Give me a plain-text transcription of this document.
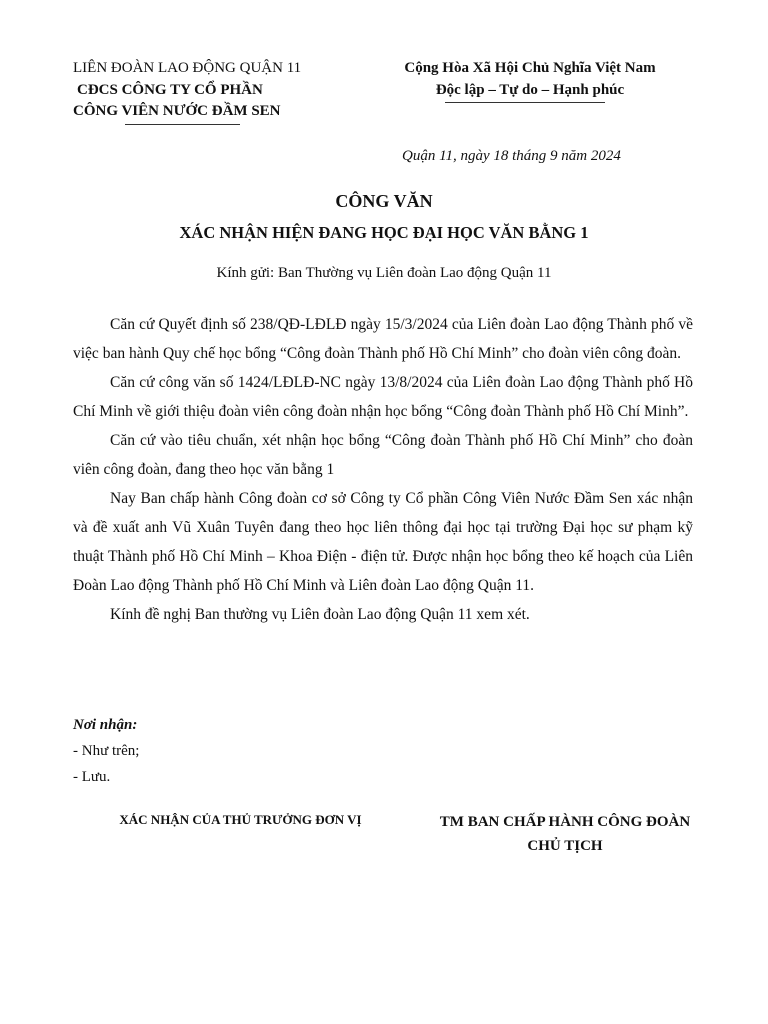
LIÊN ĐOÀN LAO ĐỘNG QUẬN 11
CĐCS CÔNG TY CỔ PHẦN
CÔNG VIÊN NƯỚC ĐẦM SEN
Cộng Hòa Xã Hội Chủ Nghĩa Việt Nam
Độc lập – Tự do – Hạnh phúc
Quận 11, ngày 18 tháng 9 năm 2024
CÔNG VĂN
XÁC NHẬN HIỆN ĐANG HỌC ĐẠI HỌC VĂN BẰNG 1
Kính gửi: Ban Thường vụ Liên đoàn Lao động Quận 11

Căn cứ Quyết định số 238/QĐ-LĐLĐ ngày 15/3/2024 của Liên đoàn Lao động Thành phố về việc ban hành Quy chế học bổng “Công đoàn Thành phố Hồ Chí Minh” cho đoàn viên công đoàn.

Căn cứ công văn số 1424/LĐLĐ-NC ngày 13/8/2024 của Liên đoàn Lao động Thành phố Hồ Chí Minh về giới thiệu đoàn viên công đoàn nhận học bổng “Công đoàn Thành phố Hồ Chí Minh”.

Căn cứ vào tiêu chuẩn, xét nhận học bổng “Công đoàn Thành phố Hồ Chí Minh” cho đoàn viên công đoàn, đang theo học văn bằng 1

Nay Ban chấp hành Công đoàn cơ sở Công ty Cổ phần Công Viên Nước Đầm Sen xác nhận và đề xuất anh Vũ Xuân Tuyên đang theo học liên thông đại học tại trường Đại học sư phạm kỹ thuật Thành phố Hồ Chí Minh – Khoa Điện - điện tử. Được nhận học bổng theo kế hoạch của Liên Đoàn Lao động Thành phố Hồ Chí Minh và Liên đoàn Lao động Quận 11.

Kính đề nghị Ban thường vụ Liên đoàn Lao động Quận 11 xem xét.

Nơi nhận:
- Như trên;
- Lưu.
XÁC NHẬN CỦA THỦ TRƯỞNG ĐƠN VỊ	TM BAN CHẤP HÀNH CÔNG ĐOÀN
CHỦ TỊCH
